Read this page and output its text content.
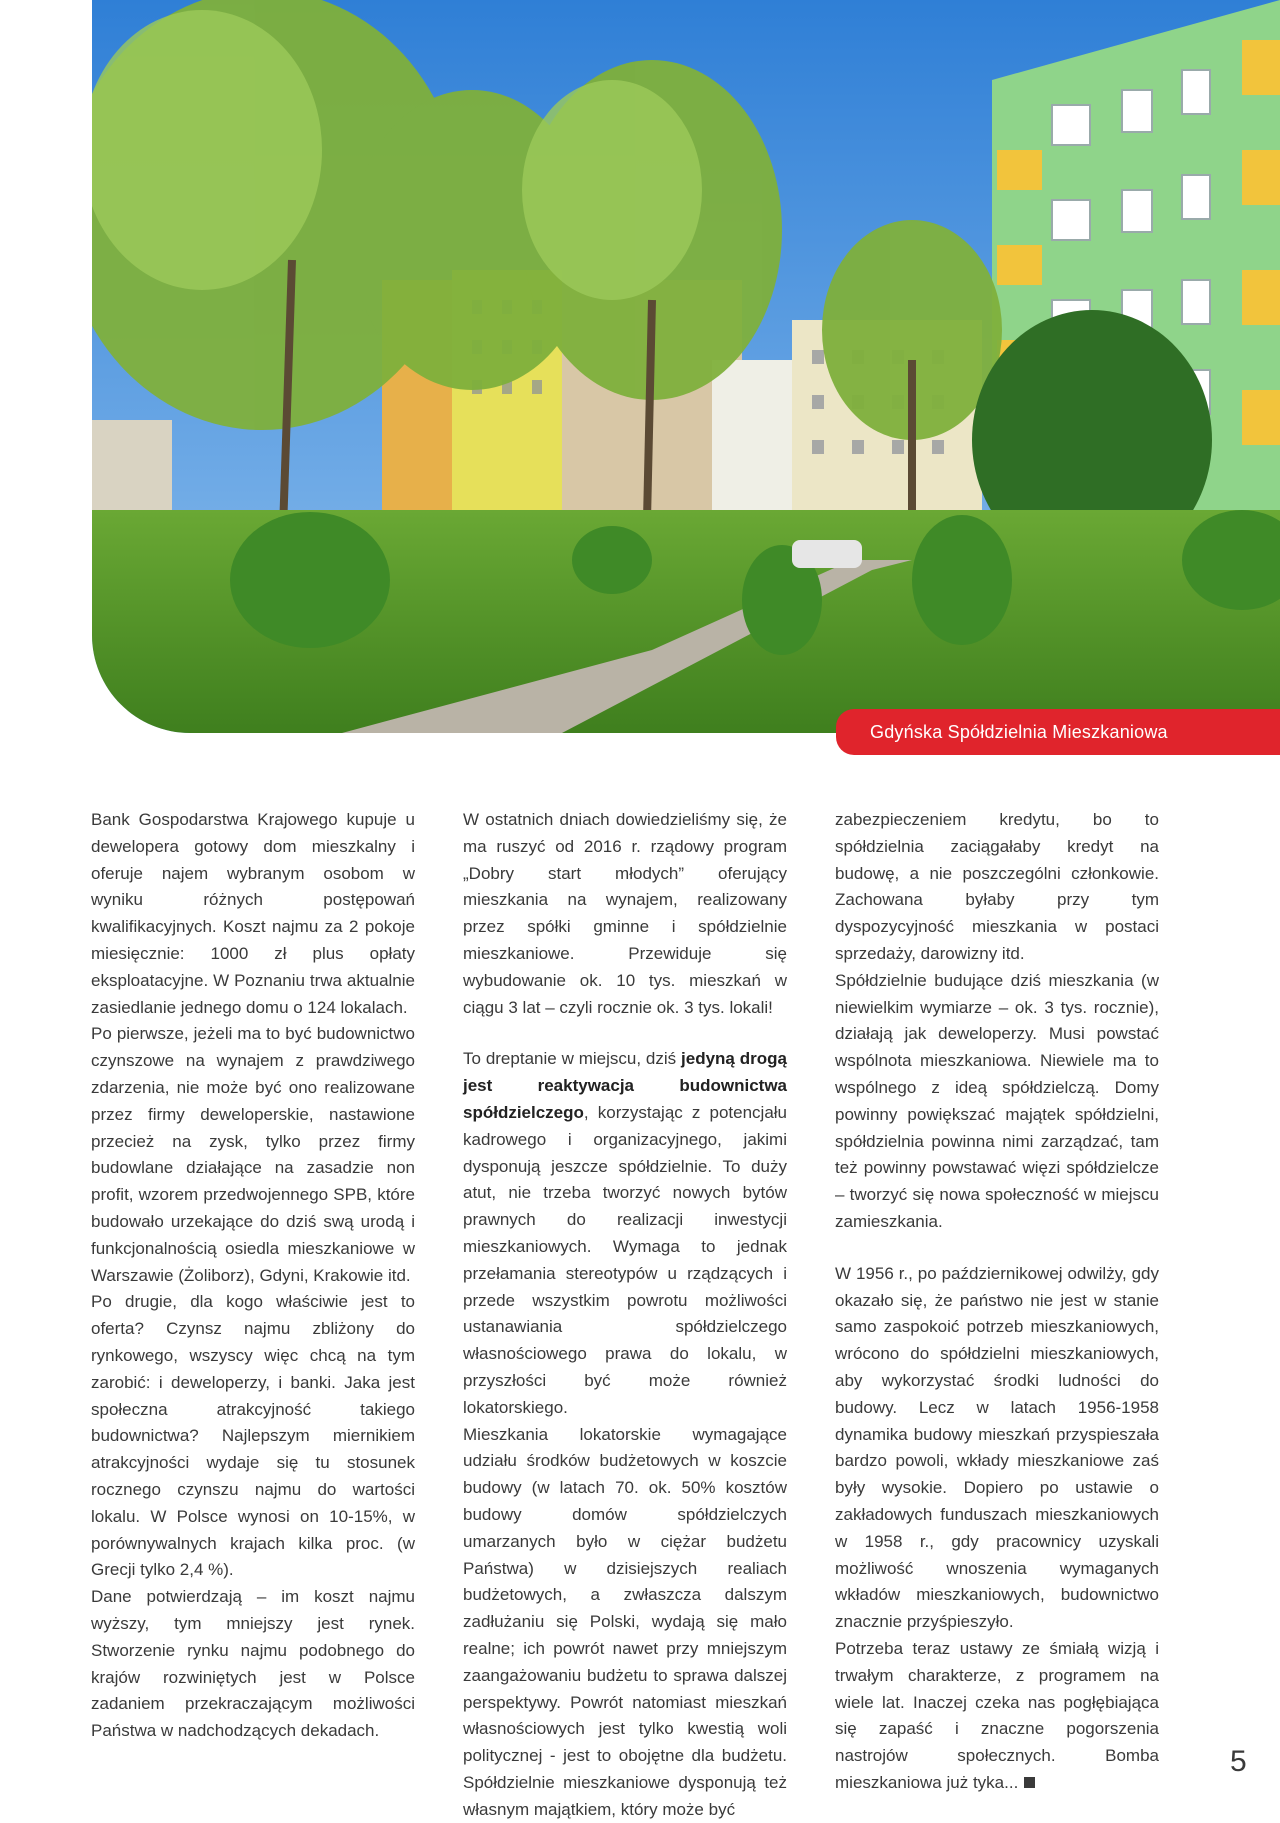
Gdyńska Spółdzielnia Mieszkaniowa

Bank Gospodarstwa Krajowego kupuje u dewelopera gotowy dom mieszkalny i oferuje najem wybranym osobom w wyniku różnych postępowań kwalifikacyjnych. Koszt najmu za 2 pokoje miesięcznie: 1000 zł plus opłaty eksploatacyjne. W Poznaniu trwa aktualnie zasiedlanie jednego domu o 124 lokalach.

Po pierwsze, jeżeli ma to być budownictwo czynszowe na wynajem z prawdziwego zdarzenia, nie może być ono realizowane przez firmy deweloperskie, nastawione przecież na zysk, tylko przez firmy budowlane działające na zasadzie non profit, wzorem przedwojennego SPB, które budowało urzekające do dziś swą urodą i funkcjonalnością osiedla mieszkaniowe w Warszawie (Żoliborz), Gdyni, Krakowie itd.

Po drugie, dla kogo właściwie jest to oferta? Czynsz najmu zbliżony do rynkowego, wszyscy więc chcą na tym zarobić: i deweloperzy, i banki. Jaka jest społeczna atrakcyjność takiego budownictwa? Najlepszym miernikiem atrakcyjności wydaje się tu stosunek rocznego czynszu najmu do wartości lokalu. W Polsce wynosi on 10-15%, w porównywalnych krajach kilka proc. (w Grecji tylko 2,4 %).

Dane potwierdzają – im koszt najmu wyższy, tym mniejszy jest rynek. Stworzenie rynku najmu podobnego do krajów rozwiniętych jest w Polsce zadaniem przekraczającym możliwości Państwa w nadchodzących dekadach.

W ostatnich dniach dowiedzieliśmy się, że ma ruszyć od 2016 r. rządowy program „Dobry start młodych” oferujący mieszkania na wynajem, realizowany przez spółki gminne i spółdzielnie mieszkaniowe. Przewiduje się wybudowanie ok. 10 tys. mieszkań w ciągu 3 lat – czyli rocznie ok. 3 tys. lokali!

To dreptanie w miejscu, dziś jedyną drogą jest reaktywacja budownictwa spółdzielczego, korzystając z potencjału kadrowego i organizacyjnego, jakimi dysponują jeszcze spółdzielnie. To duży atut, nie trzeba tworzyć nowych bytów prawnych do realizacji inwestycji mieszkaniowych. Wymaga to jednak przełamania stereotypów u rządzących i przede wszystkim powrotu możliwości ustanawiania spółdzielczego własnościowego prawa do lokalu, w przyszłości być może również lokatorskiego.

Mieszkania lokatorskie wymagające udziału środków budżetowych w koszcie budowy (w latach 70. ok. 50% kosztów budowy domów spółdzielczych umarzanych było w ciężar budżetu Państwa) w dzisiejszych realiach budżetowych, a zwłaszcza dalszym zadłużaniu się Polski, wydają się mało realne; ich powrót nawet przy mniejszym zaangażowaniu budżetu to sprawa dalszej perspektywy. Powrót natomiast mieszkań własnościowych jest tylko kwestią woli politycznej - jest to obojętne dla budżetu. Spółdzielnie mieszkaniowe dysponują też własnym majątkiem, który może być

zabezpieczeniem kredytu, bo to spółdzielnia zaciągałaby kredyt na budowę, a nie poszczególni członkowie. Zachowana byłaby przy tym dyspozycyjność mieszkania w postaci sprzedaży, darowizny itd.

Spółdzielnie budujące dziś mieszkania (w niewielkim wymiarze – ok. 3 tys. rocznie), działają jak deweloperzy. Musi powstać wspólnota mieszkaniowa. Niewiele ma to wspólnego z ideą spółdzielczą. Domy powinny powiększać majątek spółdzielni, spółdzielnia powinna nimi zarządzać, tam też powinny powstawać więzi spółdzielcze – tworzyć się nowa społeczność w miejscu zamieszkania.

W 1956 r., po październikowej odwilży, gdy okazało się, że państwo nie jest w stanie samo zaspokoić potrzeb mieszkaniowych, wrócono do spółdzielni mieszkaniowych, aby wykorzystać środki ludności do budowy. Lecz w latach 1956-1958 dynamika budowy mieszkań przyspieszała bardzo powoli, wkłady mieszkaniowe zaś były wysokie. Dopiero po ustawie o zakładowych funduszach mieszkaniowych w 1958 r., gdy pracownicy uzyskali możliwość wnoszenia wymaganych wkładów mieszkaniowych, budownictwo znacznie przyśpieszyło.

Potrzeba teraz ustawy ze śmiałą wizją i trwałym charakterze, z programem na wiele lat. Inaczej czeka nas pogłębiająca się zapaść i znaczne pogorszenia nastrojów społecznych. Bomba mieszkaniowa już tyka...

5
